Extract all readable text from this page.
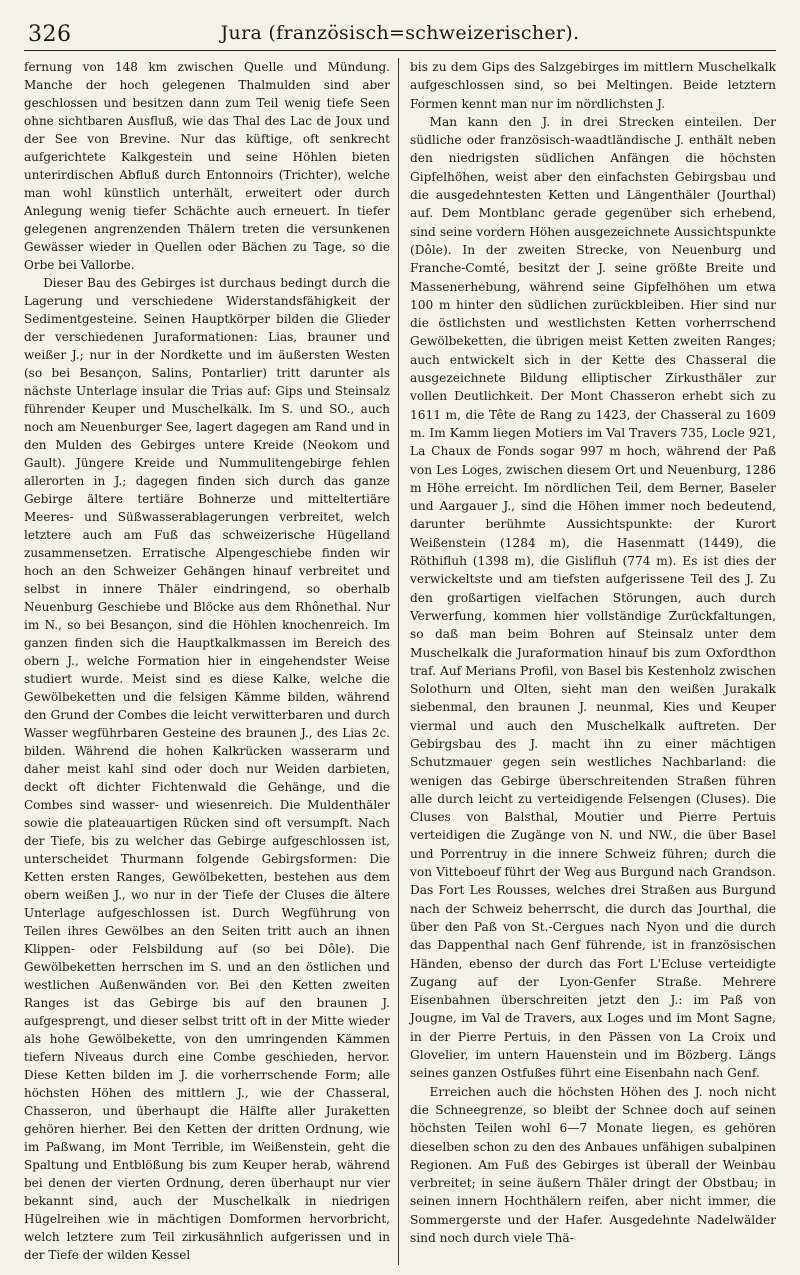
326	Jura (französisch=schweizerischer).

fernung von 148 km zwischen Quelle und Mündung. Manche der hoch gelegenen Thalmulden sind aber geschlossen und besitzen dann zum Teil wenig tiefe Seen ohne sichtbaren Ausfluß, wie das Thal des Lac de Joux und der See von Brevine. Nur das küftige, oft senkrecht aufgerichtete Kalkgestein und seine Höhlen bieten unterirdischen Abfluß durch Entonnoirs (Trichter), welche man wohl künstlich unterhält, erweitert oder durch Anlegung wenig tiefer Schächte auch erneuert. In tiefer gelegenen angrenzenden Thälern treten die versunkenen Gewässer wieder in Quellen oder Bächen zu Tage, so die Orbe bei Vallorbe.

Dieser Bau des Gebirges ist durchaus bedingt durch die Lagerung und verschiedene Widerstandsfähigkeit der Sedimentgesteine. Seinen Hauptkörper bilden die Glieder der verschiedenen Juraformationen: Lias, brauner und weißer J.; nur in der Nordkette und im äußersten Westen (so bei Besançon, Salins, Pontarlier) tritt darunter als nächste Unterlage insular die Trias auf: Gips und Steinsalz führender Keuper und Muschelkalk. Im S. und SO., auch noch am Neuenburger See, lagert dagegen am Rand und in den Mulden des Gebirges untere Kreide (Neokom und Gault). Jüngere Kreide und Nummulitengebirge fehlen allerorten in J.; dagegen finden sich durch das ganze Gebirge ältere tertiäre Bohnerze und mitteltertiäre Meeres- und Süßwasserablagerungen verbreitet, welch letztere auch am Fuß das schweizerische Hügelland zusammensetzen. Erratische Alpengeschiebe finden wir hoch an den Schweizer Gehängen hinauf verbreitet und selbst in innere Thäler eindringend, so oberhalb Neuenburg Geschiebe und Blöcke aus dem Rhônethal. Nur im N., so bei Besançon, sind die Höhlen knochenreich. Im ganzen finden sich die Hauptkalkmassen im Bereich des obern J., welche Formation hier in eingehendster Weise studiert wurde. Meist sind es diese Kalke, welche die Gewölbeketten und die felsigen Kämme bilden, während den Grund der Combes die leicht verwitterbaren und durch Wasser wegführbaren Gesteine des braunen J., des Lias 2c. bilden. Während die hohen Kalkrücken wasserarm und daher meist kahl sind oder doch nur Weiden darbieten, deckt oft dichter Fichtenwald die Gehänge, und die Combes sind wasser- und wiesenreich. Die Muldenthäler sowie die plateauartigen Rücken sind oft versumpft. Nach der Tiefe, bis zu welcher das Gebirge aufgeschlossen ist, unterscheidet Thurmann folgende Gebirgsformen: Die Ketten ersten Ranges, Gewölbeketten, bestehen aus dem obern weißen J., wo nur in der Tiefe der Cluses die ältere Unterlage aufgeschlossen ist. Durch Wegführung von Teilen ihres Gewölbes an den Seiten tritt auch an ihnen Klippen- oder Felsbildung auf (so bei Dôle). Die Gewölbeketten herrschen im S. und an den östlichen und westlichen Außenwänden vor. Bei den Ketten zweiten Ranges ist das Gebirge bis auf den braunen J. aufgesprengt, und dieser selbst tritt oft in der Mitte wieder als hohe Gewölbekette, von den umringenden Kämmen tiefern Niveaus durch eine Combe geschieden, hervor. Diese Ketten bilden im J. die vorherrschende Form; alle höchsten Höhen des mittlern J., wie der Chasseral, Chasseron, und überhaupt die Hälfte aller Juraketten gehören hierher. Bei den Ketten der dritten Ordnung, wie im Paßwang, im Mont Terrible, im Weißenstein, geht die Spaltung und Entblößung bis zum Keuper herab, während bei denen der vierten Ordnung, deren überhaupt nur vier bekannt sind, auch der Muschelkalk in niedrigen Hügelreihen wie in mächtigen Domformen hervorbricht, welch letztere zum Teil zirkusähnlich aufgerissen und in der Tiefe der wilden Kessel

bis zu dem Gips des Salzgebirges im mittlern Muschelkalk aufgeschlossen sind, so bei Meltingen. Beide letztern Formen kennt man nur im nördlichsten J.

Man kann den J. in drei Strecken einteilen. Der südliche oder französisch-waadtländische J. enthält neben den niedrigsten südlichen Anfängen die höchsten Gipfelhöhen, weist aber den einfachsten Gebirgsbau und die ausgedehntesten Ketten und Längenthäler (Jourthal) auf. Dem Montblanc gerade gegenüber sich erhebend, sind seine vordern Höhen ausgezeichnete Aussichtspunkte (Dôle). In der zweiten Strecke, von Neuenburg und Franche-Comté, besitzt der J. seine größte Breite und Massenerhebung, während seine Gipfelhöhen um etwa 100 m hinter den südlichen zurückbleiben. Hier sind nur die östlichsten und westlichsten Ketten vorherrschend Gewölbeketten, die übrigen meist Ketten zweiten Ranges; auch entwickelt sich in der Kette des Chasseral die ausgezeichnete Bildung elliptischer Zirkusthäler zur vollen Deutlichkeit. Der Mont Chasseron erhebt sich zu 1611 m, die Tête de Rang zu 1423, der Chasseral zu 1609 m. Im Kamm liegen Motiers im Val Travers 735, Locle 921, La Chaux de Fonds sogar 997 m hoch, während der Paß von Les Loges, zwischen diesem Ort und Neuenburg, 1286 m Höhe erreicht. Im nördlichen Teil, dem Berner, Baseler und Aargauer J., sind die Höhen immer noch bedeutend, darunter berühmte Aussichtspunkte: der Kurort Weißenstein (1284 m), die Hasenmatt (1449), die Röthifluh (1398 m), die Gislifluh (774 m). Es ist dies der verwickeltste und am tiefsten aufgerissene Teil des J. Zu den großartigen vielfachen Störungen, auch durch Verwerfung, kommen hier vollständige Zurückfaltungen, so daß man beim Bohren auf Steinsalz unter dem Muschelkalk die Juraformation hinauf bis zum Oxfordthon traf. Auf Merians Profil, von Basel bis Kestenholz zwischen Solothurn und Olten, sieht man den weißen Jurakalk siebenmal, den braunen J. neunmal, Kies und Keuper viermal und auch den Muschelkalk auftreten. Der Gebirgsbau des J. macht ihn zu einer mächtigen Schutzmauer gegen sein westliches Nachbarland: die wenigen das Gebirge überschreitenden Straßen führen alle durch leicht zu verteidigende Felsengen (Cluses). Die Cluses von Balsthal, Moutier und Pierre Pertuis verteidigen die Zugänge von N. und NW., die über Basel und Porrentruy in die innere Schweiz führen; durch die von Vitteboeuf führt der Weg aus Burgund nach Grandson. Das Fort Les Rousses, welches drei Straßen aus Burgund nach der Schweiz beherrscht, die durch das Jourthal, die über den Paß von St.-Cergues nach Nyon und die durch das Dappenthal nach Genf führende, ist in französischen Händen, ebenso der durch das Fort L'Ecluse verteidigte Zugang auf der Lyon-Genfer Straße. Mehrere Eisenbahnen überschreiten jetzt den J.: im Paß von Jougne, im Val de Travers, aux Loges und im Mont Sagne, in der Pierre Pertuis, in den Pässen von La Croix und Glovelier, im untern Hauenstein und im Bözberg. Längs seines ganzen Ostfußes führt eine Eisenbahn nach Genf.

Erreichen auch die höchsten Höhen des J. noch nicht die Schneegrenze, so bleibt der Schnee doch auf seinen höchsten Teilen wohl 6—7 Monate liegen, es gehören dieselben schon zu den des Anbaues unfähigen subalpinen Regionen. Am Fuß des Gebirges ist überall der Weinbau verbreitet; in seine äußern Thäler dringt der Obstbau; in seinen innern Hochthälern reifen, aber nicht immer, die Sommergerste und der Hafer. Ausgedehnte Nadelwälder sind noch durch viele Thä-
